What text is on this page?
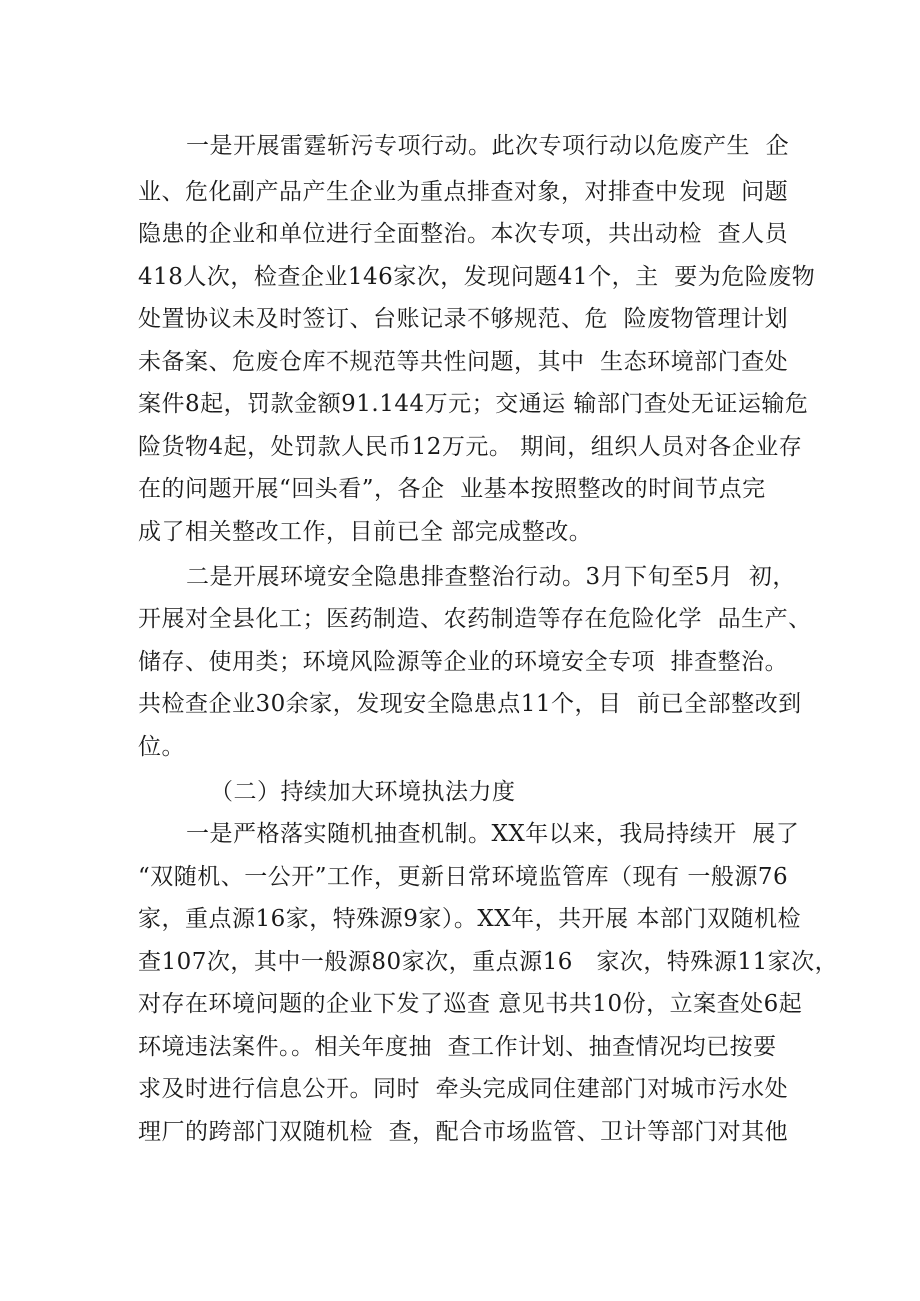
一是开展雷霆斩污专项行动。此次专项行动以危废产生  企

业、危化副产品产生企业为重点排查对象，对排查中发现  问题

隐患的企业和单位进行全面整治。本次专项，共出动检  查人员

418人次，检查企业146家次，发现问题41个，主  要为危险废物

处置协议未及时签订、台账记录不够规范、危  险废物管理计划

未备案、危废仓库不规范等共性问题，其中  生态环境部门查处

案件8起，罚款金额91.144万元；交通运 输部门查处无证运输危

险货物4起，处罚款人民币12万元。 期间，组织人员对各企业存

在的问题开展“回头看”，各企  业基本按照整改的时间节点完

成了相关整改工作，目前已全 部完成整改。

二是开展环境安全隐患排查整治行动。3月下旬至5月  初，

开展对全县化工；医药制造、农药制造等存在危险化学  品生产、

储存、使用类；环境风险源等企业的环境安全专项  排查整治。

共检查企业30余家，发现安全隐患点11个，目  前已全部整改到

位。

（二）持续加大环境执法力度

一是严格落实随机抽查机制。XX年以来，我局持续开  展了

“双随机、一公开”工作，更新日常环境监管库（现有 一般源76

家，重点源16家，特殊源9家）。XX年，共开展 本部门双随机检

查107次，其中一般源80家次，重点源16   家次，特殊源11家次，

对存在环境问题的企业下发了巡查 意见书共10份，立案查处6起

环境违法案件。。相关年度抽  查工作计划、抽查情况均已按要

求及时进行信息公开。同时  牵头完成同住建部门对城市污水处

理厂的跨部门双随机检  查，配合市场监管、卫计等部门对其他
